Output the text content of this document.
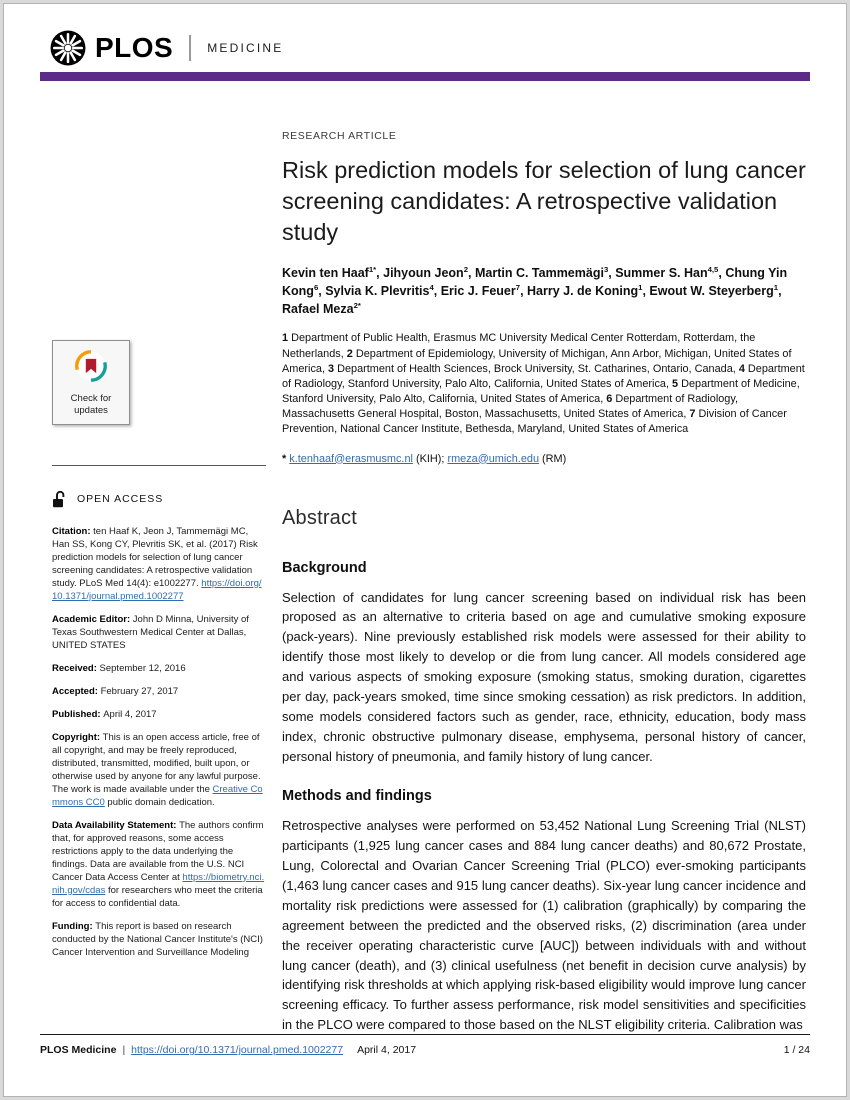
PLOS	MEDICINE
Check for updates
OPEN ACCESS

Citation: ten Haaf K, Jeon J, Tammemägi MC, Han SS, Kong CY, Plevritis SK, et al. (2017) Risk prediction models for selection of lung cancer screening candidates: A retrospective validation study. PLoS Med 14(4): e1002277. https://doi.org/10.1371/journal.pmed.1002277

Academic Editor: John D Minna, University of Texas Southwestern Medical Center at Dallas, UNITED STATES

Received: September 12, 2016

Accepted: February 27, 2017

Published: April 4, 2017

Copyright: This is an open access article, free of all copyright, and may be freely reproduced, distributed, transmitted, modified, built upon, or otherwise used by anyone for any lawful purpose. The work is made available under the Creative Commons CC0 public domain dedication.

Data Availability Statement: The authors confirm that, for approved reasons, some access restrictions apply to the data underlying the findings. Data are available from the U.S. NCI Cancer Data Access Center at https://biometry.nci.nih.gov/cdas for researchers who meet the criteria for access to confidential data.

Funding: This report is based on research conducted by the National Cancer Institute's (NCI) Cancer Intervention and Surveillance Modeling

RESEARCH ARTICLE
Risk prediction models for selection of lung cancer screening candidates: A retrospective validation study

Kevin ten Haaf$^{1*}$, Jihyoun Jeon$^2$, Martin C. Tammemägi$^3$, Summer S. Han$^{4,5}$, Chung Yin Kong$^6$, Sylvia K. Plevritis$^4$, Eric J. Feuer$^7$, Harry J. de Koning$^1$, Ewout W. Steyerberg$^1$, Rafael Meza$^{2*}$

1 Department of Public Health, Erasmus MC University Medical Center Rotterdam, Rotterdam, the Netherlands, 2 Department of Epidemiology, University of Michigan, Ann Arbor, Michigan, United States of America, 3 Department of Health Sciences, Brock University, St. Catharines, Ontario, Canada, 4 Department of Radiology, Stanford University, Palo Alto, California, United States of America, 5 Department of Medicine, Stanford University, Palo Alto, California, United States of America, 6 Department of Radiology, Massachusetts General Hospital, Boston, Massachusetts, United States of America, 7 Division of Cancer Prevention, National Cancer Institute, Bethesda, Maryland, United States of America

* k.tenhaaf@erasmusmc.nl (KIH); rmeza@umich.edu (RM)

Abstract
Background

Selection of candidates for lung cancer screening based on individual risk has been proposed as an alternative to criteria based on age and cumulative smoking exposure (pack-years). Nine previously established risk models were assessed for their ability to identify those most likely to develop or die from lung cancer. All models considered age and various aspects of smoking exposure (smoking status, smoking duration, cigarettes per day, pack-years smoked, time since smoking cessation) as risk predictors. In addition, some models considered factors such as gender, race, ethnicity, education, body mass index, chronic obstructive pulmonary disease, emphysema, personal history of cancer, personal history of pneumonia, and family history of lung cancer.

Methods and findings

Retrospective analyses were performed on 53,452 National Lung Screening Trial (NLST) participants (1,925 lung cancer cases and 884 lung cancer deaths) and 80,672 Prostate, Lung, Colorectal and Ovarian Cancer Screening Trial (PLCO) ever-smoking participants (1,463 lung cancer cases and 915 lung cancer deaths). Six-year lung cancer incidence and mortality risk predictions were assessed for (1) calibration (graphically) by comparing the agreement between the predicted and the observed risks, (2) discrimination (area under the receiver operating characteristic curve [AUC]) between individuals with and without lung cancer (death), and (3) clinical usefulness (net benefit in decision curve analysis) by identifying risk thresholds at which applying risk-based eligibility would improve lung cancer screening efficacy. To further assess performance, risk model sensitivities and specificities in the PLCO were compared to those based on the NLST eligibility criteria. Calibration was

PLOS Medicine | https://doi.org/10.1371/journal.pmed.1002277 April 4, 2017	1 / 24
